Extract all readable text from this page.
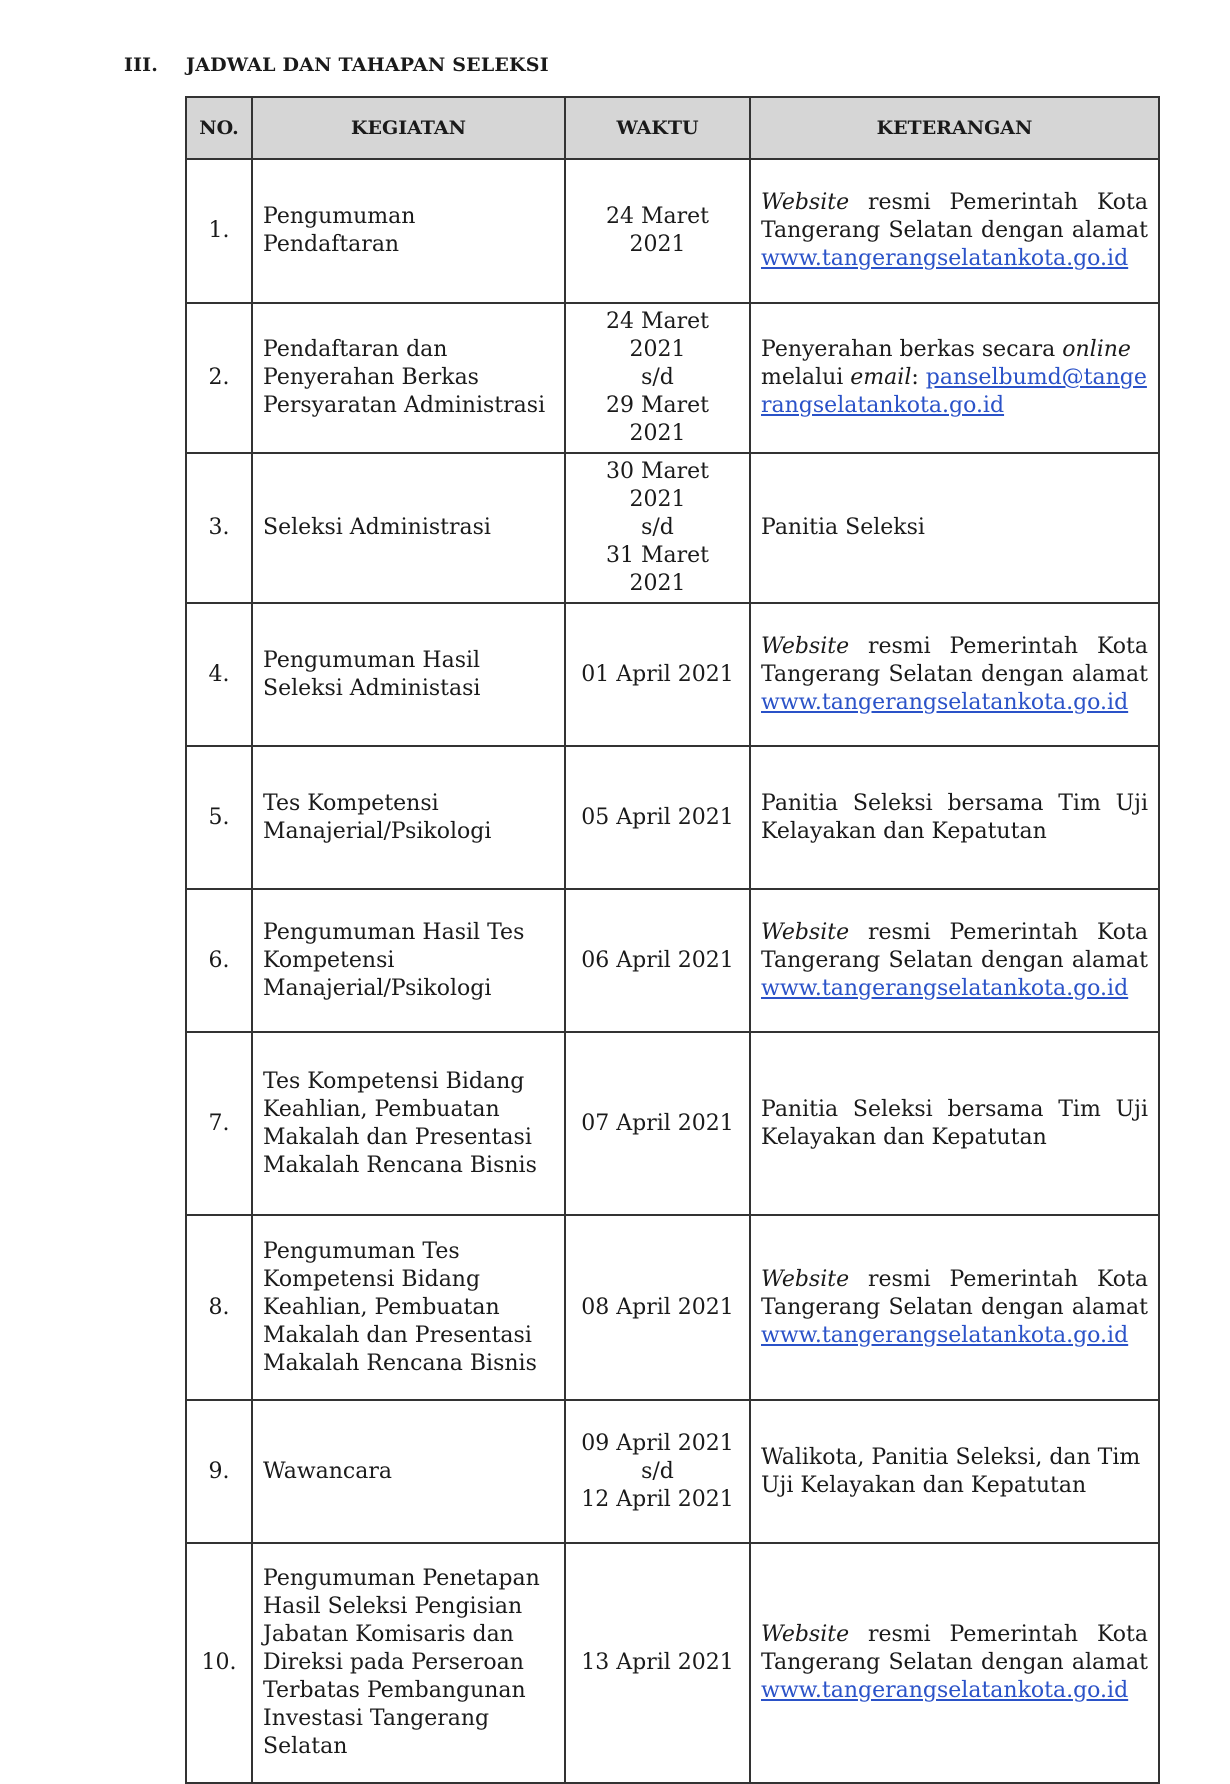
III. JADWAL DAN TAHAPAN SELEKSI
NO.	KEGIATAN	WAKTU	KETERANGAN
1.	Pengumuman Pendaftaran	24 Maret 2021	Website resmi Pemerintah Kota Tangerang Selatan dengan alamat www.tangerangselatankota.go.id
2.	Pendaftaran dan Penyerahan Berkas Persyaratan Administrasi	24 Maret 2021
s/d
29 Maret 2021	Penyerahan berkas secara online melalui email: panselbumd@tangerangselatankota.go.id
3.	Seleksi Administrasi	30 Maret 2021
s/d
31 Maret 2021	Panitia Seleksi
4.	Pengumuman Hasil Seleksi Administasi	01 April 2021	Website resmi Pemerintah Kota Tangerang Selatan dengan alamat www.tangerangselatankota.go.id
5.	Tes Kompetensi Manajerial/Psikologi	05 April 2021	Panitia Seleksi bersama Tim Uji Kelayakan dan Kepatutan
6.	Pengumuman Hasil Tes Kompetensi Manajerial/Psikologi	06 April 2021	Website resmi Pemerintah Kota Tangerang Selatan dengan alamat www.tangerangselatankota.go.id
7.	Tes Kompetensi Bidang Keahlian, Pembuatan Makalah dan Presentasi Makalah Rencana Bisnis	07 April 2021	Panitia Seleksi bersama Tim Uji Kelayakan dan Kepatutan
8.	Pengumuman Tes Kompetensi Bidang Keahlian, Pembuatan Makalah dan Presentasi Makalah Rencana Bisnis	08 April 2021	Website resmi Pemerintah Kota Tangerang Selatan dengan alamat www.tangerangselatankota.go.id
9.	Wawancara	09 April 2021
s/d
12 April 2021	Walikota, Panitia Seleksi, dan Tim Uji Kelayakan dan Kepatutan
10.	Pengumuman Penetapan Hasil Seleksi Pengisian Jabatan Komisaris dan Direksi pada Perseroan Terbatas Pembangunan Investasi Tangerang Selatan	13 April 2021	Website resmi Pemerintah Kota Tangerang Selatan dengan alamat www.tangerangselatankota.go.id
